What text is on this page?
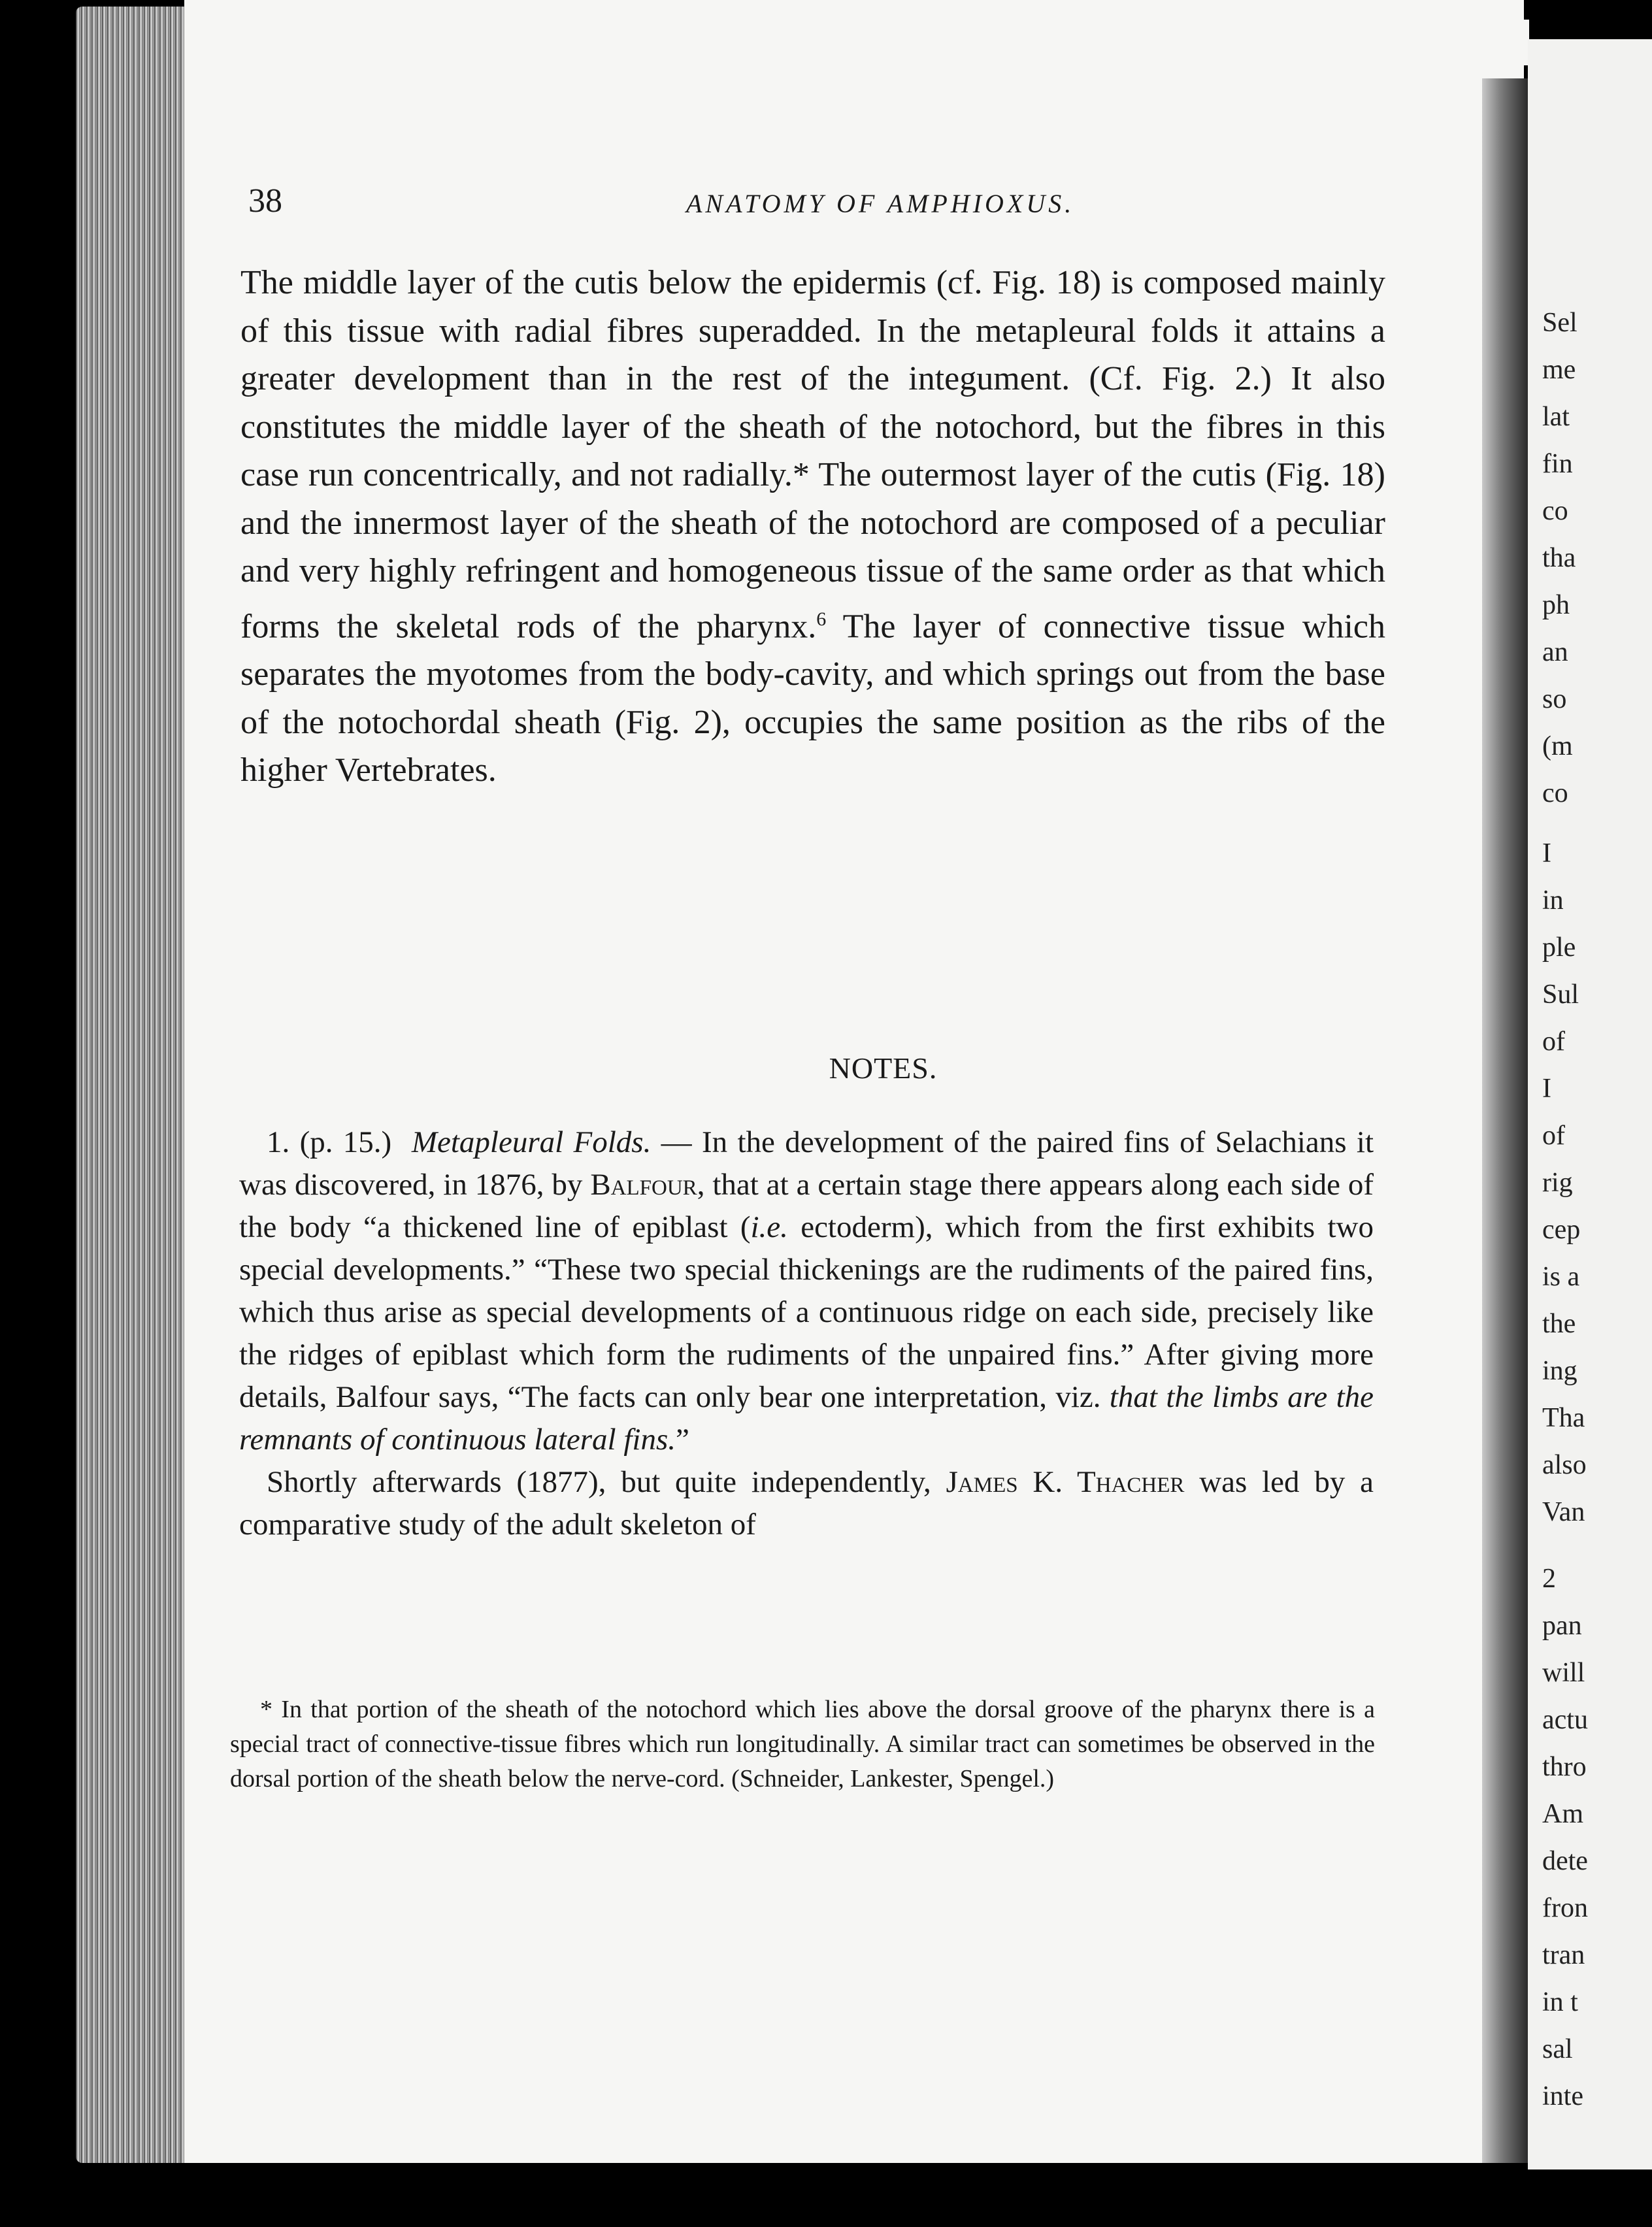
38	ANATOMY OF AMPHIOXUS.

The middle layer of the cutis below the epidermis (cf. Fig. 18) is composed mainly of this tissue with radial fibres superadded. In the metapleural folds it attains a greater development than in the rest of the integument. (Cf. Fig. 2.) It also constitutes the middle layer of the sheath of the notochord, but the fibres in this case run concentrically, and not radially.* The outermost layer of the cutis (Fig. 18) and the innermost layer of the sheath of the notochord are composed of a peculiar and very highly refringent and homogeneous tissue of the same order as that which forms the skeletal rods of the pharynx.$^6$ The layer of connective tissue which separates the myotomes from the body-cavity, and which springs out from the base of the notochordal sheath (Fig. 2), occupies the same position as the ribs of the higher Vertebrates.

NOTES.

1. (p. 15.) Metapleural Folds. — In the development of the paired fins of Selachians it was discovered, in 1876, by Balfour, that at a certain stage there appears along each side of the body “a thickened line of epiblast (i.e. ectoderm), which from the first exhibits two special developments.” “These two special thickenings are the rudiments of the paired fins, which thus arise as special developments of a continuous ridge on each side, precisely like the ridges of epiblast which form the rudiments of the unpaired fins.” After giving more details, Balfour says, “The facts can only bear one interpretation, viz. that the limbs are the remnants of continuous lateral fins.”

Shortly afterwards (1877), but quite independently, James K. Thacher was led by a comparative study of the adult skeleton of

* In that portion of the sheath of the notochord which lies above the dorsal groove of the pharynx there is a special tract of connective-tissue fibres which run longitudinally. A similar tract can sometimes be observed in the dorsal portion of the sheath below the nerve-cord. (Schneider, Lankester, Spengel.)

Sel
me
lat
fin
co
tha
ph
an
so
(m
co
I
in
ple
Sul
of
I
of
rig
cep
is a
the
ing
Tha
also
Van
2
pan
will
actu
thro
Am
dete
fron
tran
in t
sal
inte
